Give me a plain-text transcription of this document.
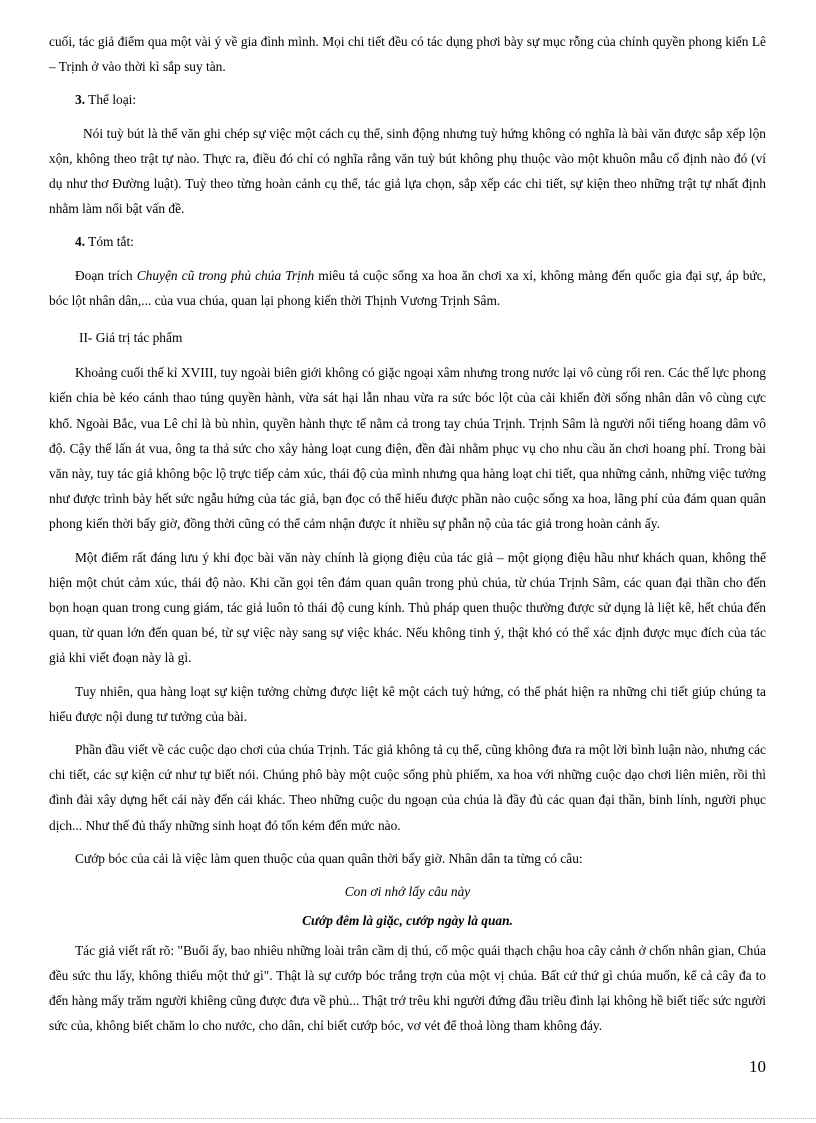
cuối, tác giả điểm qua một vài ý về gia đình mình. Mọi chi tiết đều có tác dụng phơi bày sự mục rỗng của chính quyền phong kiến Lê – Trịnh ở vào thời kì sắp suy tàn.

3. Thể loại:

Nói tuỳ bút là thể văn ghi chép sự việc một cách cụ thể, sinh động nhưng tuỳ hứng không có nghĩa là bài văn được sắp xếp lộn xộn, không theo trật tự nào. Thực ra, điều đó chỉ có nghĩa rằng văn tuỳ bút không phụ thuộc vào một khuôn mẫu cố định nào đó (ví dụ như thơ Đường luật). Tuỳ theo từng hoàn cảnh cụ thể, tác giả lựa chọn, sắp xếp các chi tiết, sự kiện theo những trật tự nhất định nhằm làm nổi bật vấn đề.

4. Tóm tắt:

Đoạn trích Chuyện cũ trong phủ chúa Trịnh miêu tả cuộc sống xa hoa ăn chơi xa xỉ, không màng đến quốc gia đại sự, áp bức, bóc lột nhân dân,... của vua chúa, quan lại phong kiến thời Thịnh Vương Trịnh Sâm.

II- Giá trị tác phẩm

Khoảng cuối thế kỉ XVIII, tuy ngoài biên giới không có giặc ngoại xâm nhưng trong nước lại vô cùng rối ren. Các thế lực phong kiến chia bè kéo cánh thao túng quyền hành, vừa sát hại lẫn nhau vừa ra sức bóc lột của cải khiến đời sống nhân dân vô cùng cực khổ. Ngoài Bắc, vua Lê chỉ là bù nhìn, quyền hành thực tế nằm cả trong tay chúa Trịnh. Trịnh Sâm là người nổi tiếng hoang dâm vô độ. Cậy thế lấn át vua, ông ta thả sức cho xây hàng loạt cung điện, đền đài nhằm phục vụ cho nhu cầu ăn chơi hoang phí. Trong bài văn này, tuy tác giả không bộc lộ trực tiếp cảm xúc, thái độ của mình nhưng qua hàng loạt chi tiết, qua những cảnh, những việc tưởng như được trình bày hết sức ngẫu hứng của tác giả, bạn đọc có thể hiểu được phần nào cuộc sống xa hoa, lãng phí của đám quan quân phong kiến thời bấy giờ, đồng thời cũng có thể cảm nhận được ít nhiều sự phẫn nộ của tác giả trong hoàn cảnh ấy.

Một điểm rất đáng lưu ý khi đọc bài văn này chính là giọng điệu của tác giả – một giọng điệu hầu như khách quan, không thể hiện một chút cảm xúc, thái độ nào. Khi cần gọi tên đám quan quân trong phủ chúa, từ chúa Trịnh Sâm, các quan đại thần cho đến bọn hoạn quan trong cung giám, tác giả luôn tỏ thái độ cung kính. Thủ pháp quen thuộc thường được sử dụng là liệt kê, hết chúa đến quan, từ quan lớn đến quan bé, từ sự việc này sang sự việc khác. Nếu không tinh ý, thật khó có thể xác định được mục đích của tác giả khi viết đoạn này là gì.

Tuy nhiên, qua hàng loạt sự kiện tưởng chừng được liệt kê một cách tuỳ hứng, có thể phát hiện ra những chi tiết giúp chúng ta hiểu được nội dung tư tưởng của bài.

Phần đầu viết về các cuộc dạo chơi của chúa Trịnh. Tác giả không tả cụ thể, cũng không đưa ra một lời bình luận nào, nhưng các chi tiết, các sự kiện cứ như tự biết nói. Chúng phô bày một cuộc sống phù phiếm, xa hoa với những cuộc dạo chơi liên miên, rồi thì đình đài xây dựng hết cái này đến cái khác. Theo những cuộc du ngoạn của chúa là đầy đủ các quan đại thần, binh lính, người phục dịch... Như thế đủ thấy những sinh hoạt đó tốn kém đến mức nào.

Cướp bóc của cải là việc làm quen thuộc của quan quân thời bấy giờ. Nhân dân ta từng có câu:

Con ơi nhớ lấy câu này

Cướp đêm là giặc, cướp ngày là quan.

Tác giả viết rất rõ: "Buổi ấy, bao nhiêu những loài trân cầm dị thú, cổ mộc quái thạch chậu hoa cây cảnh ở chốn nhân gian, Chúa đều sức thu lấy, không thiếu một thứ gì". Thật là sự cướp bóc trắng trợn của một vị chúa. Bất cứ thứ gì chúa muốn, kể cả cây đa to đến hàng mấy trăm người khiêng cũng được đưa về phủ... Thật trớ trêu khi người đứng đầu triều đình lại không hề biết tiếc sức người sức của, không biết chăm lo cho nước, cho dân, chỉ biết cướp bóc, vơ vét để thoả lòng tham không đáy.

10
